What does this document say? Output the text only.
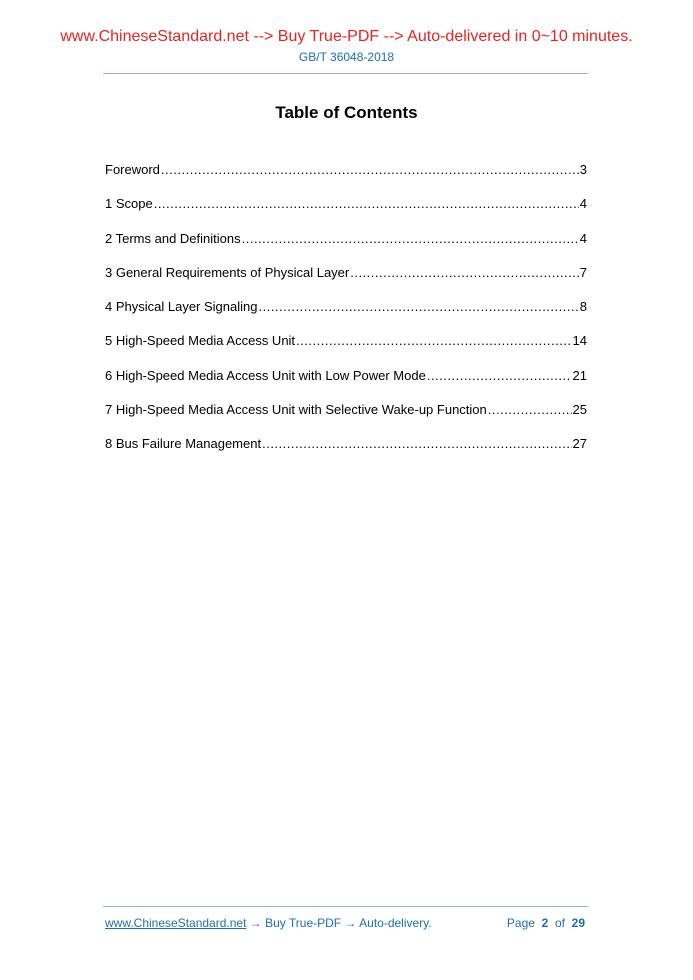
www.ChineseStandard.net --> Buy True-PDF --> Auto-delivered in 0~10 minutes.
GB/T 36048-2018
Table of Contents
Foreword .....	3
1 Scope .....	4
2 Terms and Definitions .....	4
3 General Requirements of Physical Layer .....	7
4 Physical Layer Signaling .....	8
5 High-Speed Media Access Unit .....	14
6 High-Speed Media Access Unit with Low Power Mode .....	21
7 High-Speed Media Access Unit with Selective Wake-up Function .....	25
8 Bus Failure Management .....	27
www.ChineseStandard.net → Buy True-PDF → Auto-delivery.	Page 2 of 29
